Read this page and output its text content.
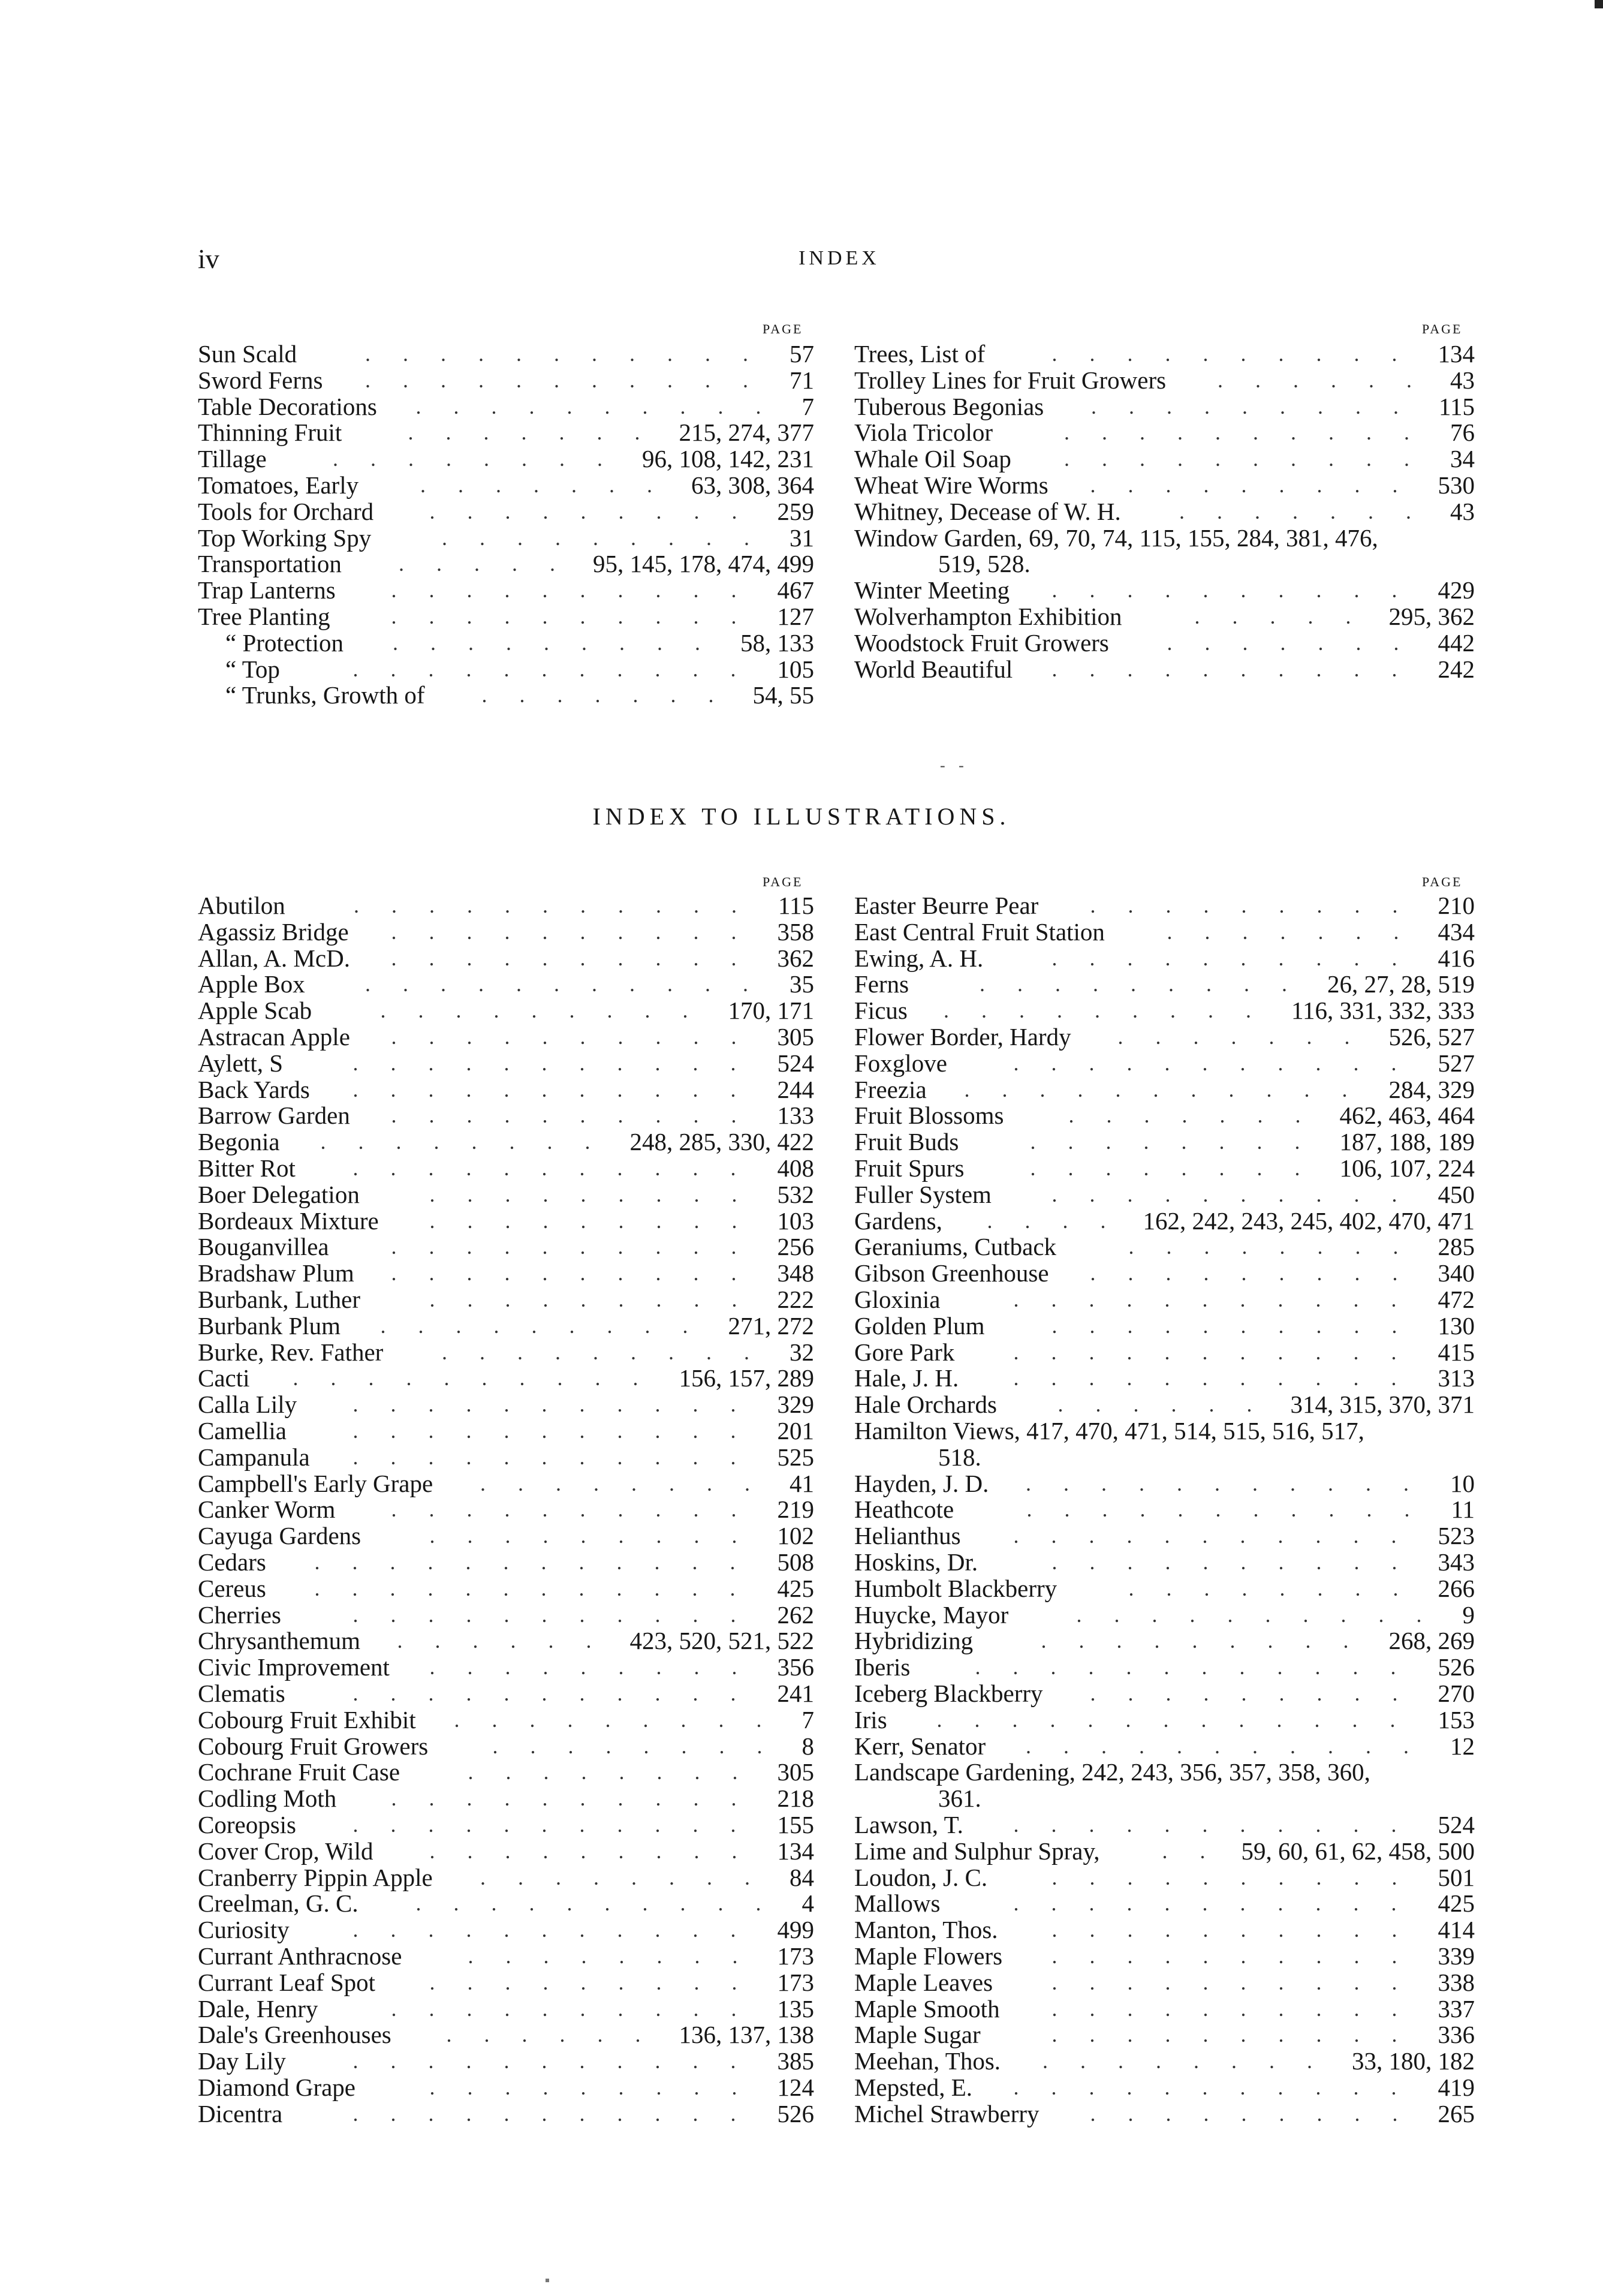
iv	INDEX
PAGE	PAGE
Sun Scald	57
...........
Sword Ferns	71
...........
Table Decorations	7
..........
Thinning Fruit	215, 274, 377
.......
Tillage	96, 108, 142, 231
........
Tomatoes, Early	63, 308, 364
.......
Tools for Orchard	259
.........
Top Working Spy	31
.........
Transportation	95, 145, 178, 474, 499
.....
Trap Lanterns	467
..........
Tree Planting	127
..........
“ Protection	58, 133
.........
“ Top	105
...........
“ Trunks, Growth of	54, 55
.......
Trees, List of	134
..........
Trolley Lines for Fruit Growers	43
......
Tuberous Begonias	115
.........
Viola Tricolor	76
..........
Whale Oil Soap	34
..........
Wheat Wire Worms	530
.........
Whitney, Decease of W. H.	43
.......
Window Garden, 69, 70, 74, 115, 155, 284, 381, 476,
519, 528.
Winter Meeting	429
..........
Wolverhampton Exhibition	295, 362
.....
Woodstock Fruit Growers	442
.......
World Beautiful	242
..........
- -
INDEX TO ILLUSTRATIONS.
PAGE	PAGE
Abutilon	115
...........
Agassiz Bridge	358
..........
Allan, A. McD.	362
..........
Apple Box	35
...........
Apple Scab	170, 171
.........
Astracan Apple	305
..........
Aylett, S	524
...........
Back Yards	244
...........
Barrow Garden	133
..........
Begonia	248, 285, 330, 422
........
Bitter Rot	408
...........
Boer Delegation	532
.........
Bordeaux Mixture	103
.........
Bouganvillea	256
..........
Bradshaw Plum	348
..........
Burbank, Luther	222
.........
Burbank Plum	271, 272
.........
Burke, Rev. Father	32
.........
Cacti	156, 157, 289
..........
Calla Lily	329
...........
Camellia	201
...........
Campanula	525
...........
Campbell's Early Grape	41
........
Canker Worm	219
..........
Cayuga Gardens	102
.........
Cedars	508
............
Cereus	425
............
Cherries	262
...........
Chrysanthemum	423, 520, 521, 522
......
Civic Improvement	356
.........
Clematis	241
...........
Cobourg Fruit Exhibit	7
.........
Cobourg Fruit Growers	8
........
Cochrane Fruit Case	305
........
Codling Moth	218
..........
Coreopsis	155
...........
Cover Crop, Wild	134
.........
Cranberry Pippin Apple	84
........
Creelman, G. C.	4
..........
Curiosity	499
...........
Currant Anthracnose	173
........
Currant Leaf Spot	173
.........
Dale, Henry	135
..........
Dale's Greenhouses	136, 137, 138
......
Day Lily	385
...........
Diamond Grape	124
.........
Dicentra	526
...........
Easter Beurre Pear	210
.........
East Central Fruit Station	434
.......
Ewing, A. H.	416
..........
Ferns	26, 27, 28, 519
.........
Ficus	116, 331, 332, 333
.........
Flower Border, Hardy	526, 527
.......
Foxglove	527
...........
Freezia	284, 329
...........
Fruit Blossoms	462, 463, 464
.......
Fruit Buds	187, 188, 189
........
Fruit Spurs	106, 107, 224
........
Fuller System	450
..........
Gardens,	162, 242, 243, 245, 402, 470, 471
....
Geraniums, Cutback	285
........
Gibson Greenhouse	340
.........
Gloxinia	472
...........
Golden Plum	130
..........
Gore Park	415
...........
Hale, J. H.	313
...........
Hale Orchards	314, 315, 370, 371
......
Hamilton Views, 417, 470, 471, 514, 515, 516, 517,
518.
Hayden, J. D.	10
...........
Heathcote	11
...........
Helianthus	523
...........
Hoskins, Dr.	343
..........
Humbolt Blackberry	266
........
Huycke, Mayor	9
..........
Hybridizing	268, 269
.........
Iberis	526
............
Iceberg Blackberry	270
.........
Iris	153
.............
Kerr, Senator	12
...........
Landscape Gardening, 242, 243, 356, 357, 358, 360,
361.
Lawson, T.	524
...........
Lime and Sulphur Spray,	59, 60, 61, 62, 458, 500
..
Loudon, J. C.	501
..........
Mallows	425
...........
Manton, Thos.	414
..........
Maple Flowers	339
..........
Maple Leaves	338
..........
Maple Smooth	337
..........
Maple Sugar	336
..........
Meehan, Thos.	33, 180, 182
........
Mepsted, E.	419
...........
Michel Strawberry	265
.........
